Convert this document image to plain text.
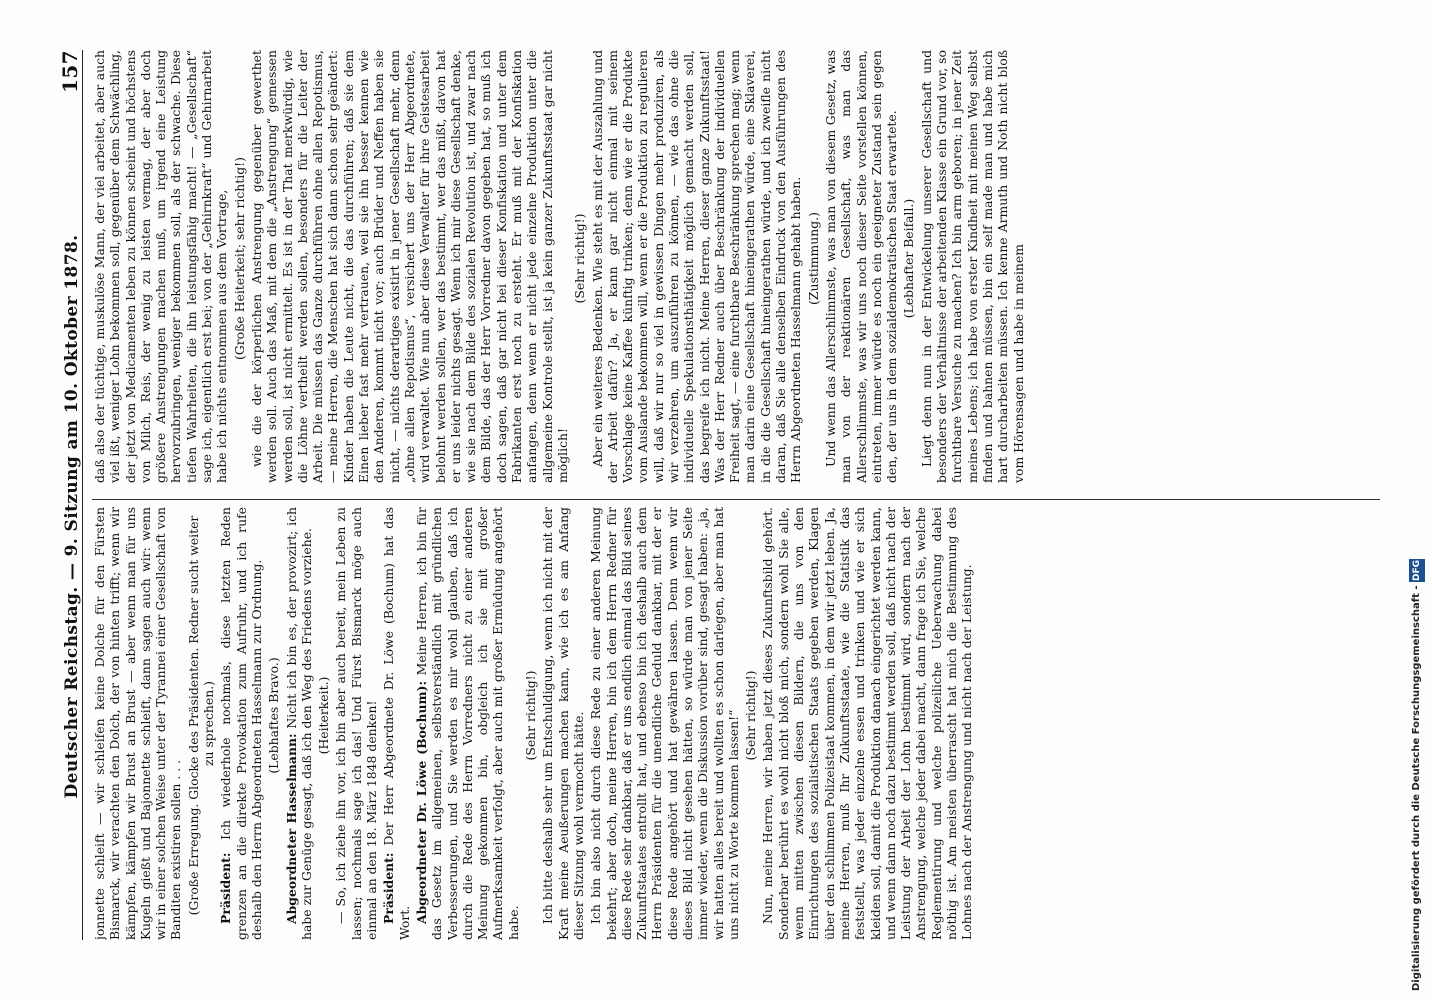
Deutscher Reichstag. — 9. Sitzung am 10. Oktober 1878.
157

jonnette schleift — wir schleifen keine Dolche für den Fürsten Bismarck, wir verachten den Dolch, der von hinten trifft; wenn wir kämpfen, kämpfen wir Brust an Brust — aber wenn man für uns Kugeln gießt und Bajonnette schleift, dann sagen auch wir: wenn wir in einer solchen Weise unter der Tyrannei einer Gesellschaft von Banditen existiren sollen . . . (Große Erregung. Glocke des Präsidenten. Redner sucht weiter zu sprechen.)

Präsident: Ich wiederhole nochmals, diese letzten Reden grenzen an die direkte Provokation zum Aufruhr, und ich rufe deshalb den Herrn Abgeordneten Hasselmann zur Ordnung. (Lebhaftes Bravo.)

Abgeordneter Hasselmann: Nicht ich bin es, der provozirt; ich habe zur Genüge gesagt, daß ich den Weg des Friedens vorziehe. (Heiterkeit.) — So, ich ziehe ihn vor, ich bin aber auch bereit, mein Leben zu lassen; nochmals sage ich das! Und Fürst Bismarck möge auch einmal an den 18. März 1848 denken! Präsident: Der Herr Abgeordnete Dr. Löwe (Bochum) hat das Wort. Abgeordneter Dr. Löwe (Bochum): Meine Herren, ich bin für das Gesetz im allgemeinen, selbstverständlich mit gründlichen Verbesserungen, und Sie werden es mir wohl glauben, daß ich durch die Rede des Herrn Vorredners nicht zu einer anderen Meinung gekommen bin, obgleich ich sie mit großer Aufmerksamkeit verfolgt, aber auch mit großer Ermüdung angehört habe.

(Sehr richtig!) Ich bitte deshalb sehr um Entschuldigung, wenn ich nicht mit der Kraft meine Aeußerungen machen kann, wie ich es am Anfang dieser Sitzung wohl vermocht hätte. Ich bin also nicht durch diese Rede zu einer anderen Meinung bekehrt; aber doch, meine Herren, bin ich dem Herrn Redner für diese Rede sehr dankbar, daß er uns endlich einmal das Bild seines Zukunftstaates entrollt hat, und ebenso bin ich deshalb auch dem Herrn Präsidenten für die unendliche Geduld dankbar, mit der er diese Rede angehört und hat gewähren lassen. Denn wenn wir dieses Bild nicht gesehen hätten, so würde man von jener Seite immer wieder, wenn die Diskussion vorüber sind, gesagt haben: „ja, wir hatten alles bereit und wollten es schon darlegen, aber man hat uns nicht zu Worte kommen lassen!“ (Sehr richtig!) Nun, meine Herren, wir haben jetzt dieses Zukunftsbild gehört. Sonderbar berührt es wohl nicht bloß mich, sondern wohl Sie alle, wenn mitten zwischen diesen Bildern, die uns von den Einrichtungen des sozialistischen Staats gegeben werden, Klagen über den schlimmen Polizeistaat kommen, in dem wir jetzt leben. Ja, meine Herren, muß Ihr Zukunftsstaate, wie die Statistik das feststellt, was jeder einzelne essen und trinken und wie er sich kleiden soll, damit die Produktion danach eingerichtet werden kann, und wenn dann noch dazu bestimmt werden soll, daß nicht nach der Leistung der Arbeit der Lohn bestimmt wird, sondern nach der Anstrengung, welche jeder dabei macht, dann frage ich Sie, welche Reglementirung und welche polizeiliche Ueberwachung dabei nöthig ist. Am meisten überrascht hat mich die Bestimmung des Lohnes nach der Anstrengung und nicht nach der Leistung.

daß also der tüchtige, muskulöse Mann, der viel arbeitet, aber auch viel ißt, weniger Lohn bekommen soll, gegenüber dem Schwächling, der jetzt von Medicamenten leben zu können scheint und höchstens von Milch, Reis, der wenig zu leisten vermag, der aber doch größere Anstrengungen machen muß, um irgend eine Leistung hervorzubringen, weniger bekommen soll, als der schwache. Diese tiefen Wahrheiten, die ihn leistungsfähig macht! — „Gesellschaft“ sage ich, eigentlich erst bei; von der „Gehirnkraft“ und Gehirnarbeit habe ich nichts entnommen aus dem Vortrage, (Große Heiterkeit; sehr richtig!) wie die der körperlichen Anstrengung gegenüber gewerthet werden soll. Auch das Maß, mit dem die „Anstrengung“ gemessen werden soll, ist nicht ermittelt. Es ist in der That merkwürdig, wie die Löhne vertheilt werden sollen, besonders für die Leiter der Arbeit. Die müssen das Ganze durchführen ohne allen Repotismus, — meine Herren, die Menschen hat sich dann schon sehr geändert: Kinder haben die Leute nicht, die das durchführen; daß sie dem Einen lieber fast mehr vertrauen, weil sie ihn besser kennen wie den Anderen, kommt nicht vor; auch Brüder und Neffen haben sie nicht, — nichts derartiges existirt in jener Gesellschaft mehr, denn „ohne allen Repotismus“, versichert uns der Herr Abgeordnete, wird verwaltet. Wie nun aber diese Verwalter für ihre Geistesarbeit belohnt werden sollen, wer das bestimmt, wer das mißt, davon hat er uns leider nichts gesagt. Wenn ich mir diese Gesellschaft denke, wie sie nach dem Bilde des sozialen Revolution ist, und zwar nach dem Bilde, das der Herr Vorredner davon gegeben hat, so muß ich doch sagen, daß gar nicht bei dieser Konfiskation und unter dem Fabrikanten erst noch zu ersteht. Er muß mit der Konfiskation anfangen, denn wenn er nicht jede einzelne Produktion unter die allgemeine Kontrole stellt, ist ja kein ganzer Zukunftsstaat gar nicht möglich!

(Sehr richtig!) Aber ein weiteres Bedenken. Wie steht es mit der Auszahlung und der Arbeit dafür? Ja, er kann gar nicht einmal mit seinem Vorschlage keine Kaffee künftig trinken; denn wie er die Produkte vom Auslande bekommen will, wenn er die Produktion zu regulieren will, daß wir nur so viel in gewissen Dingen mehr produziren, als wir verzehren, um auszuführen zu können, — wie das ohne die individuelle Spekulationsthätigkeit möglich gemacht werden soll, das begreife ich nicht. Meine Herren, dieser ganze Zukunftsstaat! Was der Herr Redner auch über Beschränkung der individuellen Freiheit sagt, — eine furchtbare Beschränkung sprechen mag; wenn man darin eine Gesellschaft hineingerathen würde, eine Sklaverei, in die die Gesellschaft hineingerathen würde, und ich zweifle nicht daran, daß Sie alle denselben Eindruck von den Ausführungen des Herrn Abgeordneten Hasselmann gehabt haben. (Zustimmung.) Und wenn das Allerschlimmste, was man von diesem Gesetz, was man von der reaktionären Gesellschaft, was man das Allerschlimmste, was wir uns noch dieser Seite vorstellen können, eintreten, immer würde es noch ein geeigneter Zustand sein gegen den, der uns in dem sozialdemokratischen Staat erwartete. (Lebhafter Beifall.) Liegt denn nun in der Entwickelung unserer Gesellschaft und besonders der Verhältnisse der arbeitenden Klasse ein Grund vor, so furchtbare Versuche zu machen? Ich bin arm geboren; in jener Zeit meines Lebens; ich habe von erster Kindheit mit meinen Weg selbst finden und bahnen müssen, bin ein self made man und habe mich hart durcharbeiten müssen. Ich kenne Armuth und Noth nicht bloß vom Hörensagen und habe in meinem

Digitalisierung gefördert durch die Deutsche Forschungsgemeinschaft - DFG
